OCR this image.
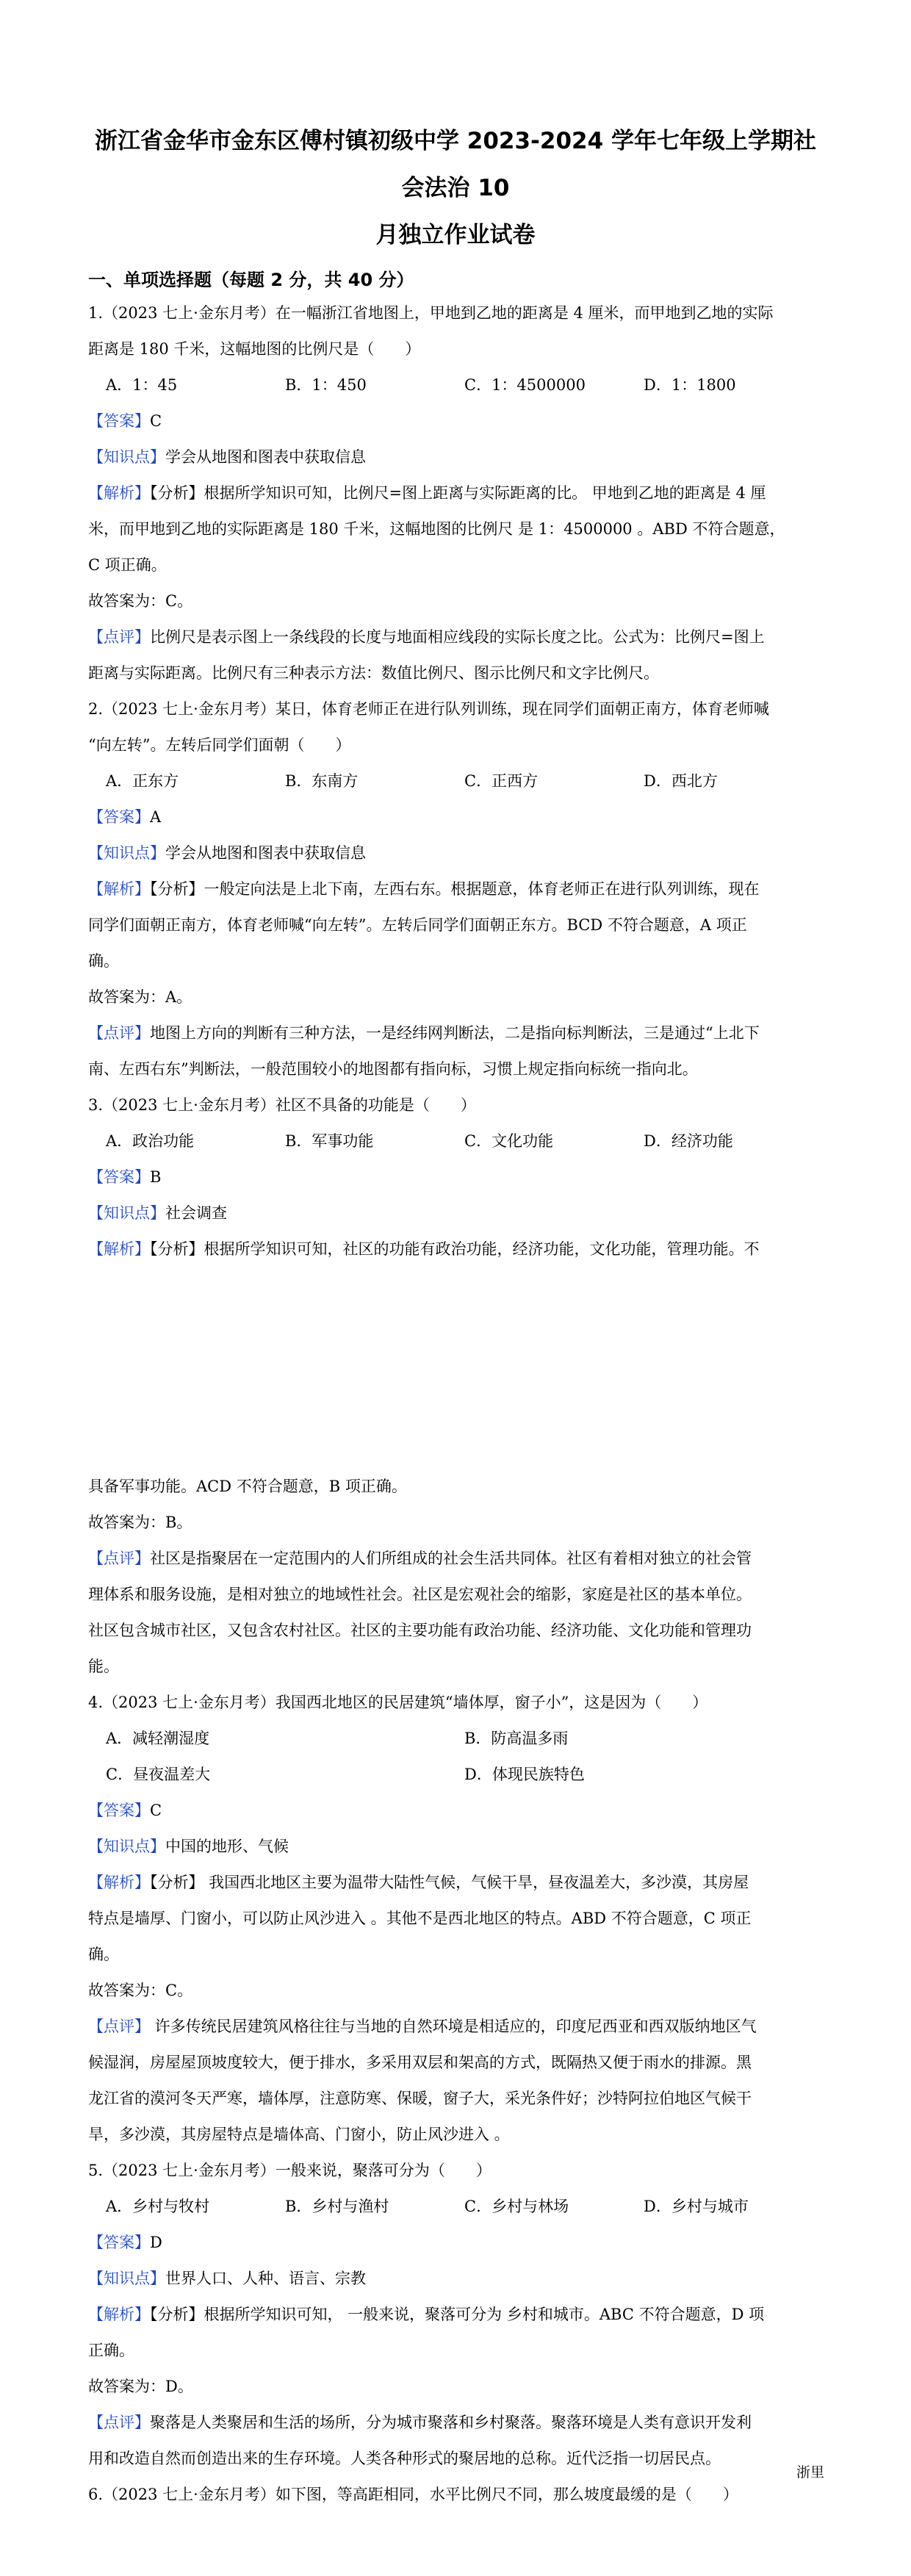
浙江省金华市金东区傅村镇初级中学 2023-2024 学年七年级上学期社会法治 10
月独立作业试卷
一、单项选择题（每题 2 分，共 40 分）
1.（2023 七上·金东月考）在一幅浙江省地图上，甲地到乙地的距离是 4 厘米，而甲地到乙地的实际
距离是 180 千米，这幅地图的比例尺是（　　）
A．1：45	B．1：450	C．1：4500000	D．1：1800
【答案】C
【知识点】学会从地图和图表中获取信息
【解析】【分析】根据所学知识可知，比例尺=图上距离与实际距离的比。 甲地到乙地的距离是 4 厘
米，而甲地到乙地的实际距离是 180 千米，这幅地图的比例尺 是 1：4500000 。ABD 不符合题意，
C 项正确。
故答案为：C。
【点评】比例尺是表示图上一条线段的长度与地面相应线段的实际长度之比。公式为：比例尺=图上
距离与实际距离。比例尺有三种表示方法：数值比例尺、图示比例尺和文字比例尺。
2.（2023 七上·金东月考）某日，体育老师正在进行队列训练，现在同学们面朝正南方，体育老师喊
“向左转”。左转后同学们面朝（　　）
A．正东方	B．东南方	C．正西方	D．西北方
【答案】A
【知识点】学会从地图和图表中获取信息
【解析】【分析】一般定向法是上北下南，左西右东。根据题意，体育老师正在进行队列训练，现在
同学们面朝正南方，体育老师喊“向左转”。左转后同学们面朝正东方。BCD 不符合题意，A 项正
确。
故答案为：A。
【点评】地图上方向的判断有三种方法，一是经纬网判断法，二是指向标判断法，三是通过“上北下
南、左西右东”判断法，一般范围较小的地图都有指向标，习惯上规定指向标统一指向北。
3.（2023 七上·金东月考）社区不具备的功能是（　　）
A．政治功能	B．军事功能	C．文化功能	D．经济功能
【答案】B
【知识点】社会调查
【解析】【分析】根据所学知识可知，社区的功能有政治功能，经济功能，文化功能，管理功能。不
具备军事功能。ACD 不符合题意，B 项正确。
故答案为：B。
【点评】社区是指聚居在一定范围内的人们所组成的社会生活共同体。社区有着相对独立的社会管
理体系和服务设施，是相对独立的地域性社会。社区是宏观社会的缩影，家庭是社区的基本单位。
社区包含城市社区，又包含农村社区。社区的主要功能有政治功能、经济功能、文化功能和管理功
能。
4.（2023 七上·金东月考）我国西北地区的民居建筑“墙体厚，窗子小”，这是因为（　　）
A．减轻潮湿度	B．防高温多雨
C．昼夜温差大	D．体现民族特色
【答案】C
【知识点】中国的地形、气候
【解析】【分析】 我国西北地区主要为温带大陆性气候，气候干旱，昼夜温差大，多沙漠，其房屋
特点是墙厚、门窗小，可以防止风沙进入 。其他不是西北地区的特点。ABD 不符合题意，C 项正
确。
故答案为：C。
【点评】 许多传统民居建筑风格往往与当地的自然环境是相适应的，印度尼西亚和西双版纳地区气
候湿润，房屋屋顶坡度较大，便于排水，多采用双层和架高的方式，既隔热又便于雨水的排源。黑
龙江省的漠河冬天严寒，墙体厚，注意防寒、保暖，窗子大，采光条件好；沙特阿拉伯地区气候干
旱，多沙漠，其房屋特点是墙体高、门窗小，防止风沙进入 。
5.（2023 七上·金东月考）一般来说，聚落可分为（　　）
A．乡村与牧村	B．乡村与渔村	C．乡村与林场	D．乡村与城市
【答案】D
【知识点】世界人口、人种、语言、宗教
【解析】【分析】根据所学知识可知， 一般来说，聚落可分为 乡村和城市。ABC 不符合题意，D 项
正确。
故答案为：D。
【点评】聚落是人类聚居和生活的场所，分为城市聚落和乡村聚落。聚落环境是人类有意识开发利
用和改造自然而创造出来的生存环境。人类各种形式的聚居地的总称。近代泛指一切居民点。
6.（2023 七上·金东月考）如下图，等高距相同，水平比例尺不同，那么坡度最缓的是（　　）
浙里
